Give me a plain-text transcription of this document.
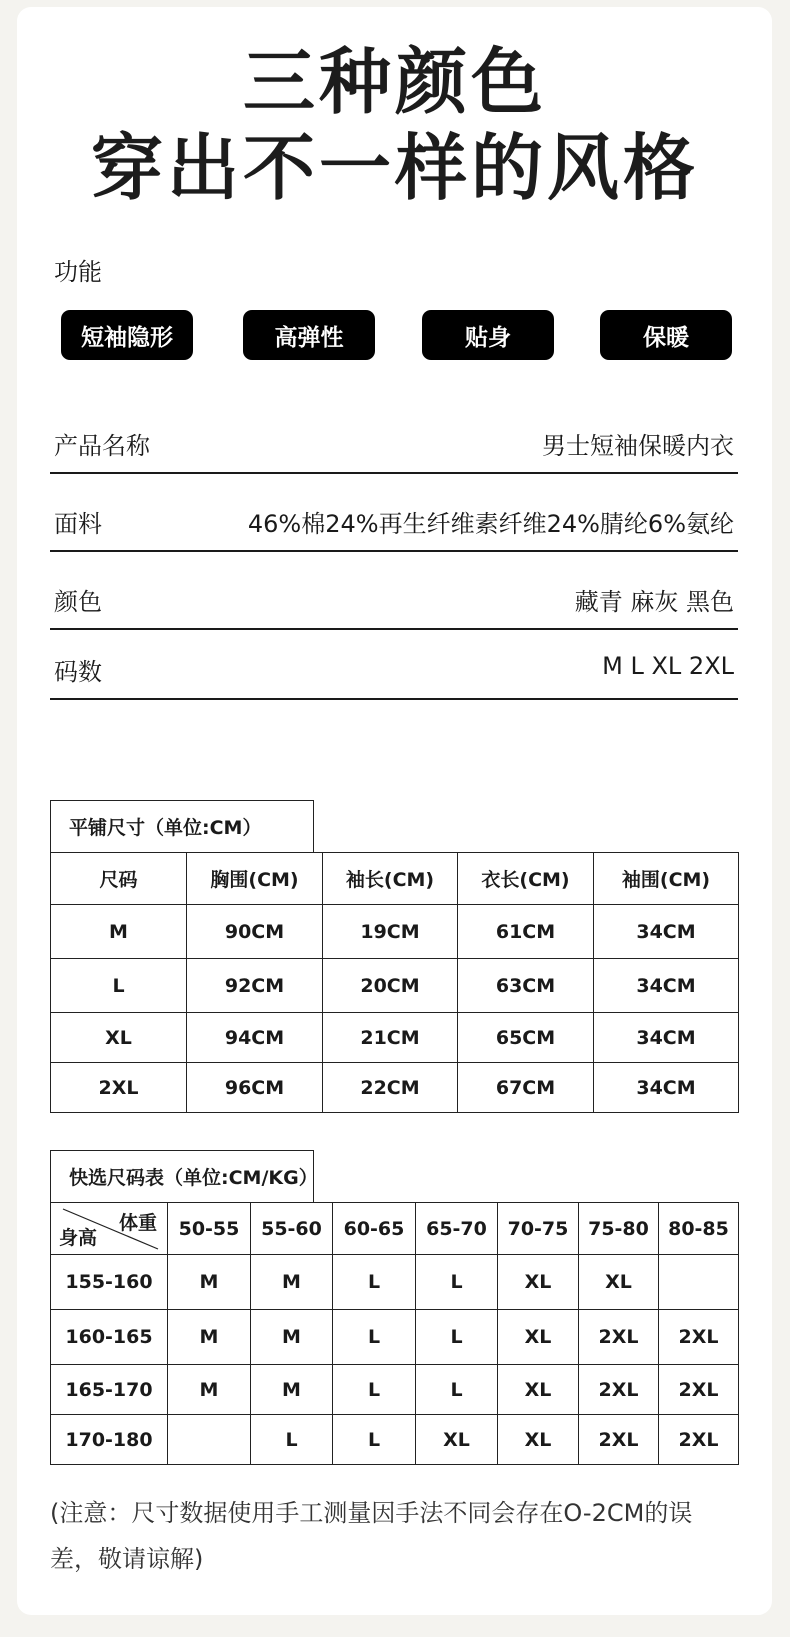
三种颜色
穿出不一样的风格
功能
短袖隐形	高弹性	贴身	保暖
产品名称	男士短袖保暖内衣
面料	46%棉24%再生纤维素纤维24%腈纶6%氨纶
颜色	藏青 麻灰 黑色
码数	M L XL 2XL
平铺尺寸（单位:CM）
尺码	胸围(CM)	袖长(CM)	衣长(CM)	袖围(CM)
M	90CM	19CM	61CM	34CM
L	92CM	20CM	63CM	34CM
XL	94CM	21CM	65CM	34CM
2XL	96CM	22CM	67CM	34CM
快选尺码表（单位:CM/KG）
体重
身高	50-55	55-60	60-65	65-70	70-75	75-80	80-85
155-160	M	M	L	L	XL	XL	
160-165	M	M	L	L	XL	2XL	2XL
165-170	M	M	L	L	XL	2XL	2XL
170-180		L	L	XL	XL	2XL	2XL
(注意：尺寸数据使用手工测量因手法不同会存在O-2CM的误差，敬请谅解)
